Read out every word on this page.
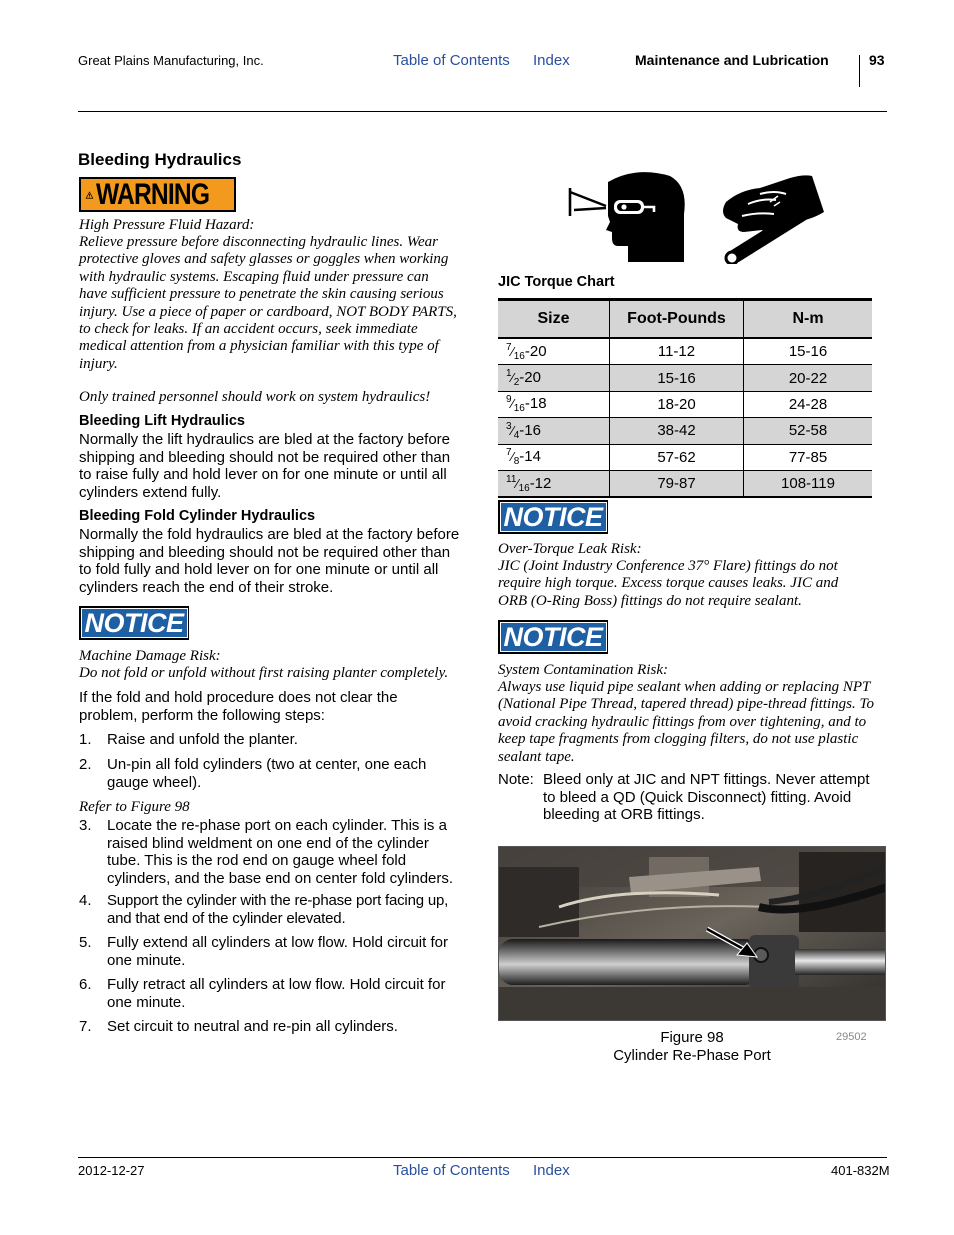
Great Plains Manufacturing, Inc.	Table of Contents Index	Maintenance and Lubrication	93
Bleeding Hydraulics
WARNING
High Pressure Fluid Hazard:
Relieve pressure before disconnecting hydraulic lines. Wear
protective gloves and safety glasses or goggles when working
with hydraulic systems. Escaping fluid under pressure can
have sufficient pressure to penetrate the skin causing serious
injury. Use a piece of paper or cardboard, NOT BODY PARTS,
to check for leaks. If an accident occurs, seek immediate
medical attention from a physician familiar with this type of
injury.
Only trained personnel should work on system hydraulics!
Bleeding Lift Hydraulics
Normally the lift hydraulics are bled at the factory before
shipping and bleeding should not be required other than
to raise fully and hold lever on for one minute or until all
cylinders extend fully.
Bleeding Fold Cylinder Hydraulics
Normally the fold hydraulics are bled at the factory before
shipping and bleeding should not be required other than
to fold fully and hold lever on for one minute or until all
cylinders reach the end of their stroke.
NOTICE
Machine Damage Risk:
Do not fold or unfold without first raising planter completely.
If the fold and hold procedure does not clear the
problem, perform the following steps:
1. Raise and unfold the planter.
2. Un-pin all fold cylinders (two at center, one each
gauge wheel).
Refer to Figure 98
3. Locate the re-phase port on each cylinder. This is a
raised blind weldment on one end of the cylinder
tube. This is the rod end on gauge wheel fold
cylinders, and the base end on center fold cylinders.
4. Support the cylinder with the re-phase port facing up,
and that end of the cylinder elevated.
5. Fully extend all cylinders at low flow. Hold circuit for
one minute.
6. Fully retract all cylinders at low flow. Hold circuit for
one minute.
7. Set circuit to neutral and re-pin all cylinders.
JIC Torque Chart
Size	Foot-Pounds	N-m
$^7⁄_{16}-20$	11-12	15-16
$^1⁄_2-20$	15-16	20-22
$^9⁄_{16}-18$	18-20	24-28
$^3⁄_4-16$	38-42	52-58
$^7⁄_8-14$	57-62	77-85
$^{11}⁄_{16}-12$	79-87	108-119
NOTICE
Over-Torque Leak Risk:
JIC (Joint Industry Conference 37° Flare) fittings do not
require high torque. Excess torque causes leaks. JIC and
ORB (O-Ring Boss) fittings do not require sealant.
NOTICE
System Contamination Risk:
Always use liquid pipe sealant when adding or replacing NPT
(National Pipe Thread, tapered thread) pipe-thread fittings. To
avoid cracking hydraulic fittings from over tightening, and to
keep tape fragments from clogging filters, do not use plastic
sealant tape.
Note: Bleed only at JIC and NPT fittings. Never attempt
to bleed a QD (Quick Disconnect) fitting. Avoid
bleeding at ORB fittings.
Figure 98
Cylinder Re-Phase Port
29502
2012-12-27	Table of Contents Index	401-832M
